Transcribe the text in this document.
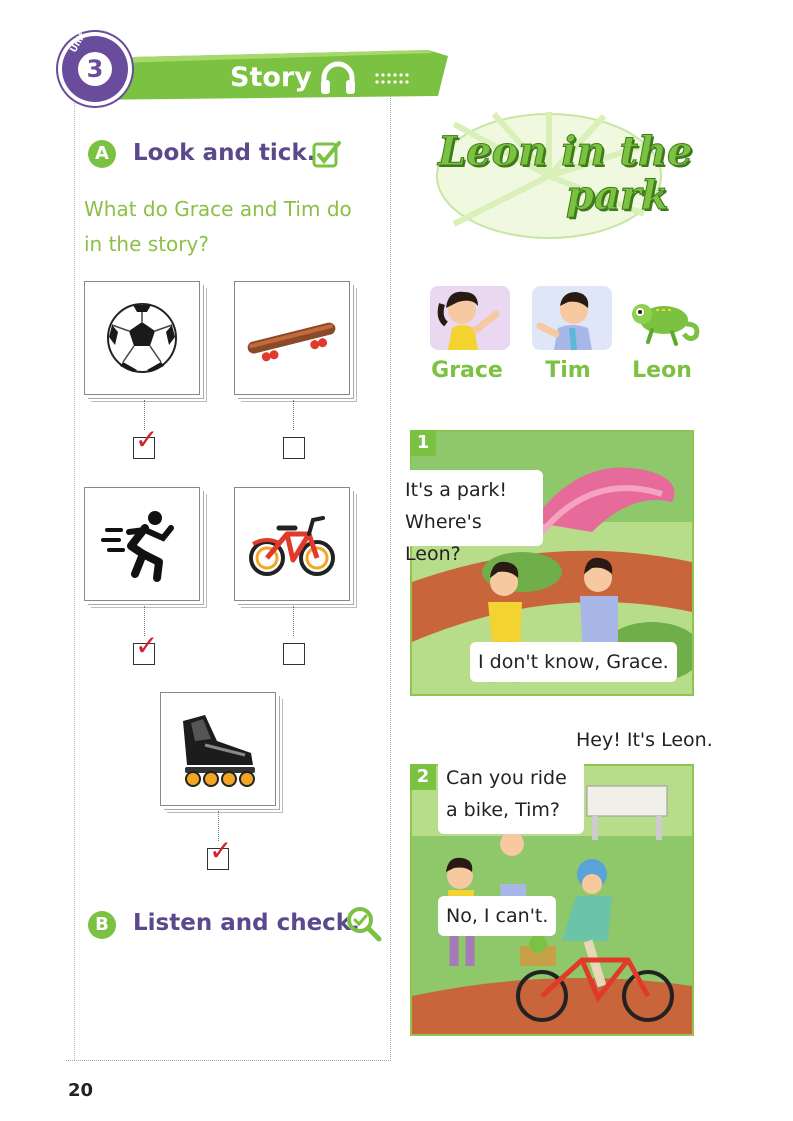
Unit
3	Story
A	Look and tick.
What do Grace and Tim do in the story?
✓
✓
✓
B	Listen and check.
20
Leon in the
park
Grace	Tim	Leon
1
It's a park! Where's Leon?
I don't know, Grace.
2
Hey! It's Leon.
Can you ride a bike, Tim?
No, I can't.
